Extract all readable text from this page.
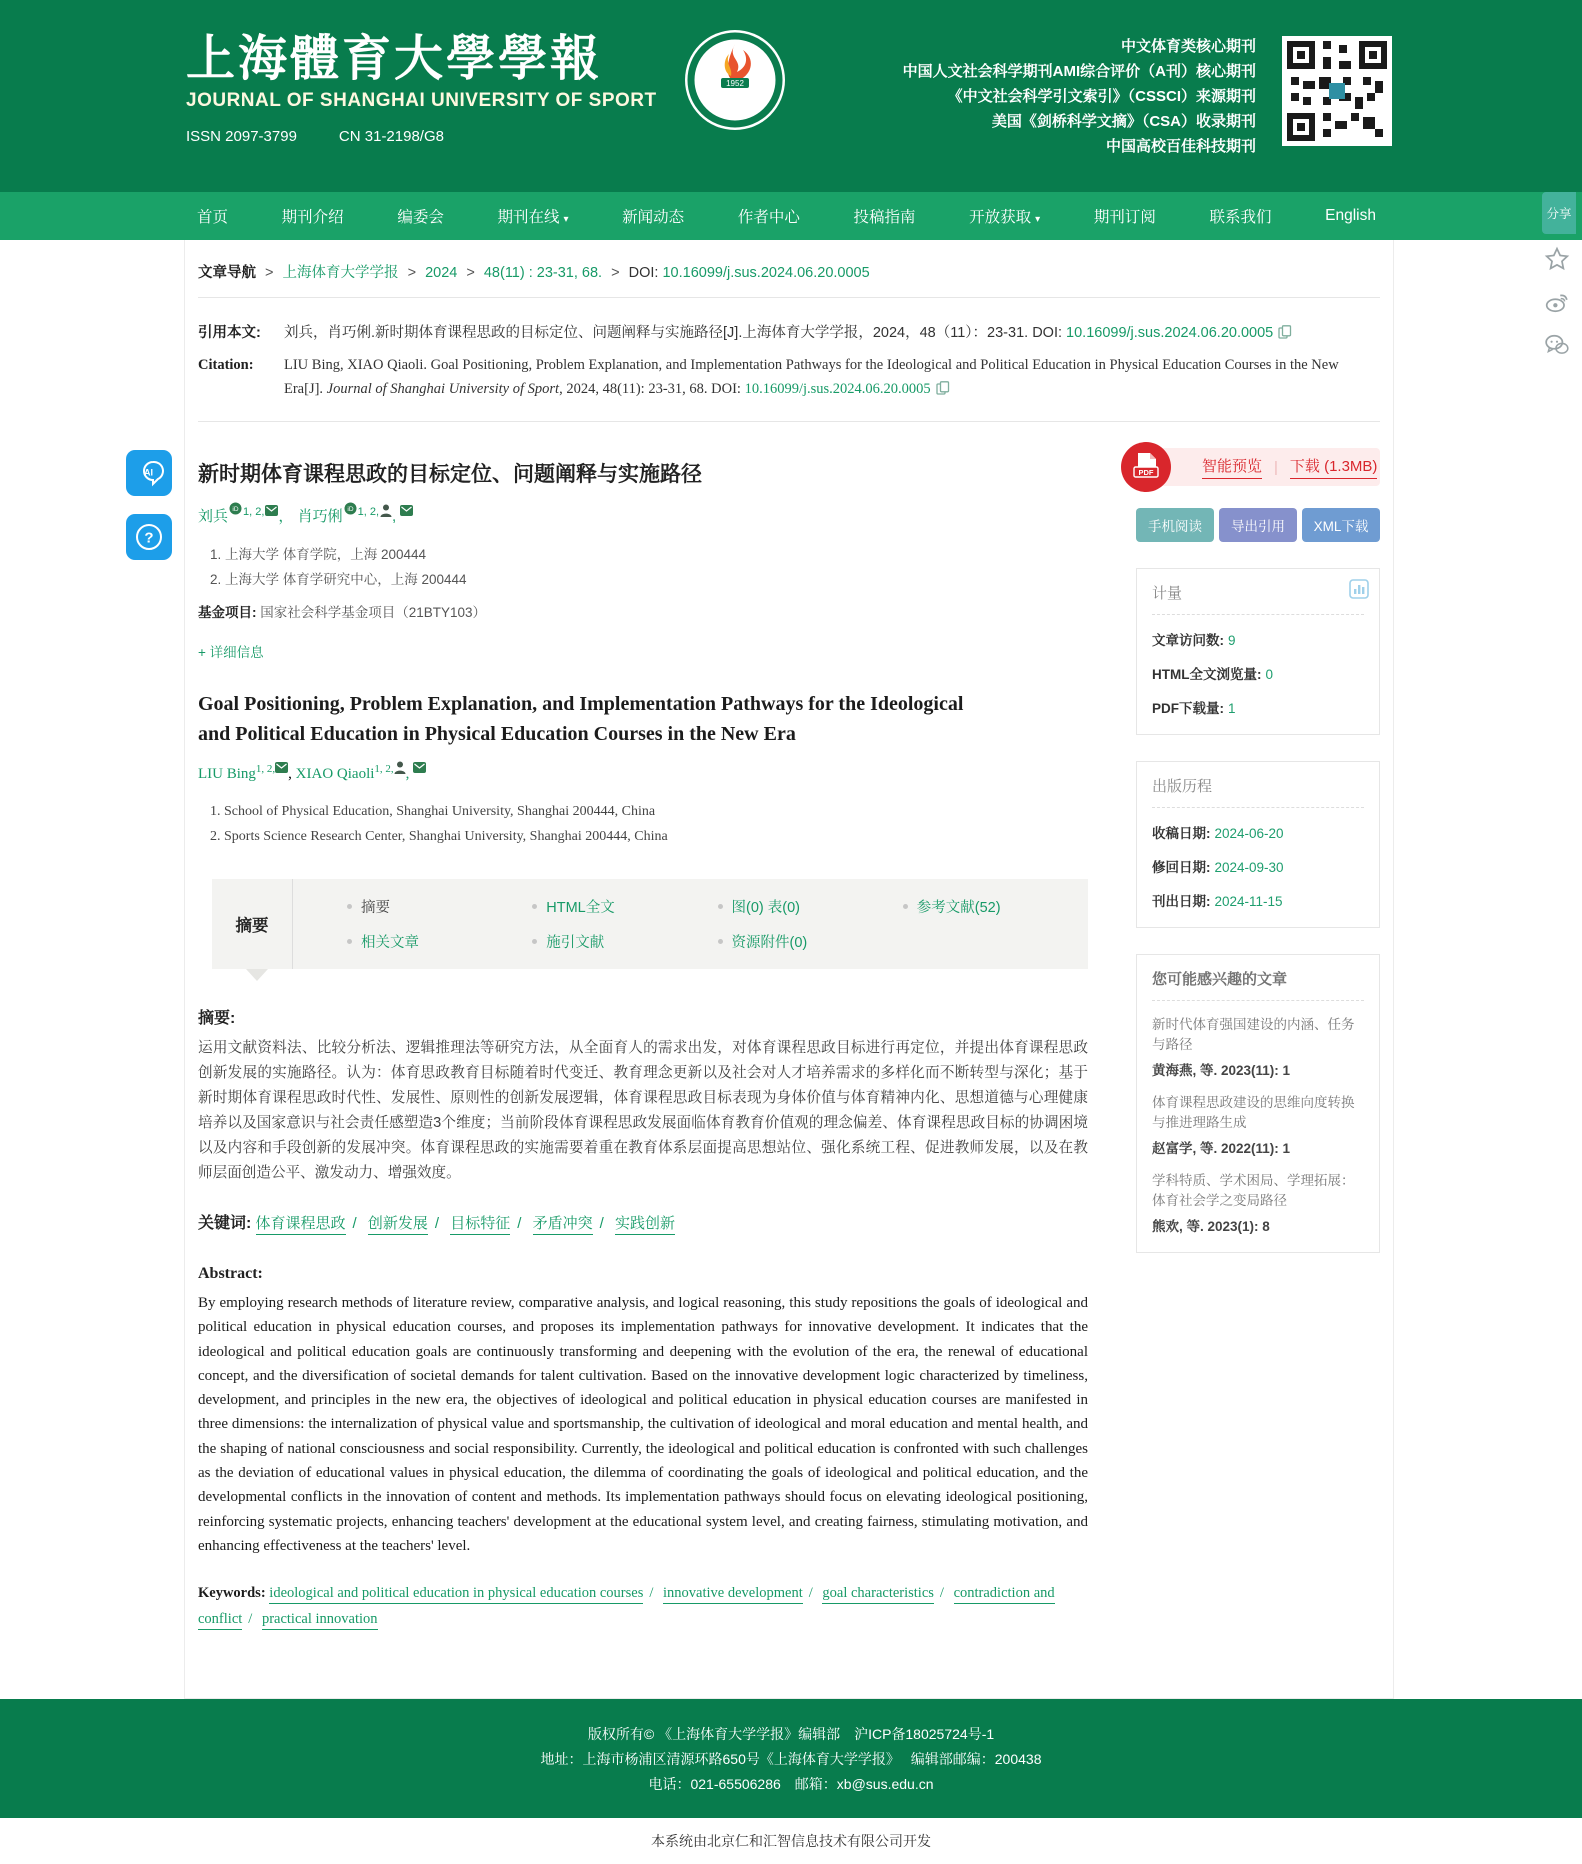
上海體育大學學報
JOURNAL OF SHANGHAI UNIVERSITY OF SPORT
ISSN 2097-3799	CN 31-2198/G8
1952
中文体育类核心期刊
中国人文社会科学期刊AMI综合评价（A刊）核心期刊
《中文社会科学引文索引》（CSSCI）来源期刊
美国《剑桥科学文摘》（CSA）收录期刊
中国高校百佳科技期刊
首页	期刊介绍	编委会	期刊在线 ▾	新闻动态	作者中心	投稿指南	开放获取 ▾	期刊订阅	联系我们	English
文章导航 > 上海体育大学学报 > 2024 > 48(11) : 23-31, 68. > DOI: 10.16099/j.sus.2024.06.20.0005
引用本文:	刘兵，肖巧俐.新时期体育课程思政的目标定位、问题阐释与实施路径[J].上海体育大学学报，2024，48（11）：23-31. DOI: 10.16099/j.sus.2024.06.20.0005
Citation:	LIU Bing, XIAO Qiaoli. Goal Positioning, Problem Explanation, and Implementation Pathways for the Ideological and Political Education in Physical Education Courses in the New Era[J]. Journal of Shanghai University of Sport, 2024, 48(11): 23-31, 68. DOI: 10.16099/j.sus.2024.06.20.0005
新时期体育课程思政的目标定位、问题阐释与实施路径
刘兵 iD $^{1, 2,}$ ， 肖巧俐 iD $^{1, 2,}$ ,
1. 上海大学 体育学院，上海 200444
2. 上海大学 体育学研究中心，上海 200444
基金项目: 国家社会科学基金项目（21BTY103）
+ 详细信息
Goal Positioning, Problem Explanation, and Implementation Pathways for the Ideological and Political Education in Physical Education Courses in the New Era
LIU Bing$^{1, 2,}$ , XIAO Qiaoli$^{1, 2,}$ ,
1. School of Physical Education, Shanghai University, Shanghai 200444, China
2. Sports Science Research Center, Shanghai University, Shanghai 200444, China
摘要
摘要	HTML全文	图(0) 表(0)	参考文献(52)
相关文章	施引文献	资源附件(0)
摘要:

运用文献资料法、比较分析法、逻辑推理法等研究方法，从全面育人的需求出发，对体育课程思政目标进行再定位，并提出体育课程思政创新发展的实施路径。认为：体育思政教育目标随着时代变迁、教育理念更新以及社会对人才培养需求的多样化而不断转型与深化；基于新时期体育课程思政时代性、发展性、原则性的创新发展逻辑，体育课程思政目标表现为身体价值与体育精神内化、思想道德与心理健康培养以及国家意识与社会责任感塑造3个维度；当前阶段体育课程思政发展面临体育教育价值观的理念偏差、体育课程思政目标的协调困境以及内容和手段创新的发展冲突。体育课程思政的实施需要着重在教育体系层面提高思想站位、强化系统工程、促进教师发展，以及在教师层面创造公平、激发动力、增强效度。

关键词: 体育课程思政 / 创新发展 / 目标特征 / 矛盾冲突 / 实践创新
Abstract:

By employing research methods of literature review, comparative analysis, and logical reasoning, this study repositions the goals of ideological and political education in physical education courses, and proposes its implementation pathways for innovative development. It indicates that the ideological and political education goals are continuously transforming and deepening with the evolution of the era, the renewal of educational concept, and the diversification of societal demands for talent cultivation. Based on the innovative development logic characterized by timeliness, development, and principles in the new era, the objectives of ideological and political education in physical education courses are manifested in three dimensions: the internalization of physical value and sportsmanship, the cultivation of ideological and moral education and mental health, and the shaping of national consciousness and social responsibility. Currently, the ideological and political education is confronted with such challenges as the deviation of educational values in physical education, the dilemma of coordinating the goals of ideological and political education, and the developmental conflicts in the innovation of content and methods. Its implementation pathways should focus on elevating ideological positioning, reinforcing systematic projects, enhancing teachers' development at the educational system level, and creating fairness, stimulating motivation, and enhancing effectiveness at the teachers' level.

Keywords: ideological and political education in physical education courses / innovative development / goal characteristics / contradiction and conflict / practical innovation
PDF	智能预览 | 下载 (1.3MB)
手机阅读	导出引用	XML下载
计量
文章访问数: 9
HTML全文浏览量: 0
PDF下载量: 1
出版历程
收稿日期: 2024-06-20
修回日期: 2024-09-30
刊出日期: 2024-11-15
您可能感兴趣的文章
新时代体育强国建设的内涵、任务与路径
黄海燕, 等. 2023(11): 1
体育课程思政建设的思维向度转换与推进理路生成
赵富学, 等. 2022(11): 1
学科特质、学术困局、学理拓展：体育社会学之变局路径
熊欢, 等. 2023(1): 8
版权所有© 《上海体育大学学报》编辑部　沪ICP备18025724号-1
地址：上海市杨浦区清源环路650号《上海体育大学学报》　 编辑部邮编：200438
电话：021-65506286　邮箱：xb@sus.edu.cn
本系统由北京仁和汇智信息技术有限公司开发
AI
?
分享
